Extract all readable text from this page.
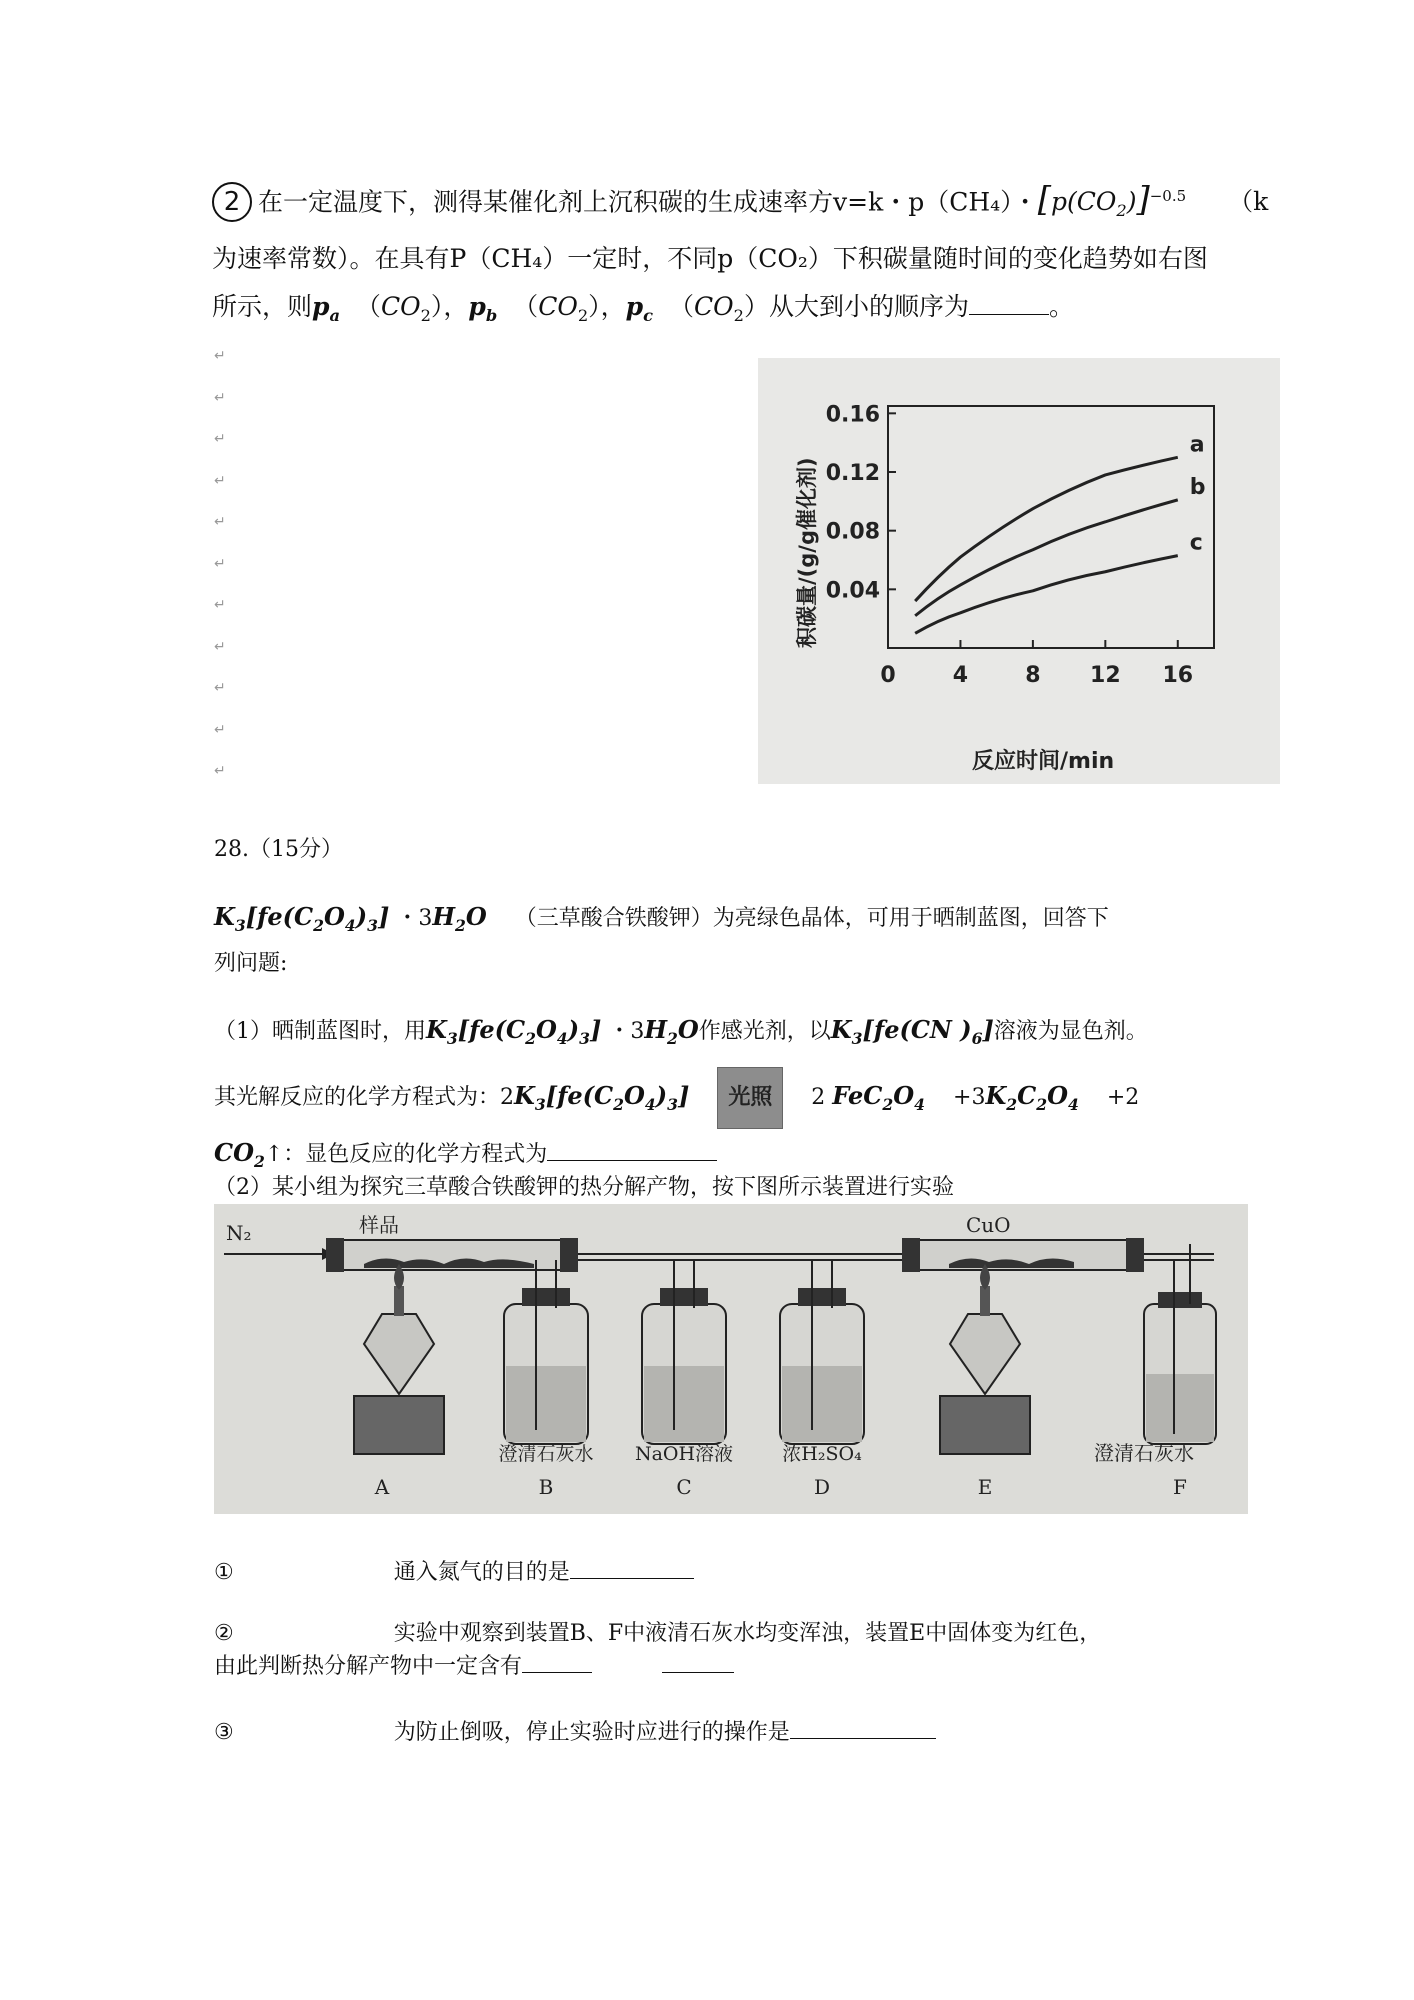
2 在一定温度下，测得某催化剂上沉积碳的生成速率方v=k・p（CH₄）・$[p(CO_2)]^{-0.5}$ （k
为速率常数）。在具有P（CH₄）一定时，不同p（CO₂）下积碳量随时间的变化趋势如右图
所示，则$p_a$  $(CO_2)$，$p_b$  $(CO_2)$，$p_c$  $(CO_2)$从大到小的顺序为	。
↵
↵
↵
↵
↵
↵
↵
↵
↵
↵
↵
0.04
0.08
0.12
0.16
0	4	8 12 16
a
b
c
反应时间/min
积碳量/(g/g催化剂)
28.（15分）
$K_3[fe(C_2O_4)_3]$ ・$3H_2O$ （三草酸合铁酸钾）为亮绿色晶体，可用于晒制蓝图，回答下
列问题:
（1）晒制蓝图时，用$K_3[fe(C_2O_4)_3]$ ・$3H_2O$作感光剂，以$K_3[fe(CN$ )$_6$]溶液为显色剂。
其光解反应的化学方程式为：$2K_3[fe(C_2O_4)_3]$ 光照    2 $FeC_2O_4$    $+3K_2C_2O_4$    +2
$CO_2↑$：显色反应的化学方程式为
（2）某小组为探究三草酸合铁酸钾的热分解产物，按下图所示装置进行实验
N₂	样品
澄清石灰水 NaOH溶液	浓H₂SO₄
CuO
澄清石灰水
A	B	C	D	E	F
①	通入氮气的目的是
②	实验中观察到装置B、F中液清石灰水均变浑浊，装置E中固体变为红色，
由此判断热分解产物中一定含有
③	为防止倒吸，停止实验时应进行的操作是
